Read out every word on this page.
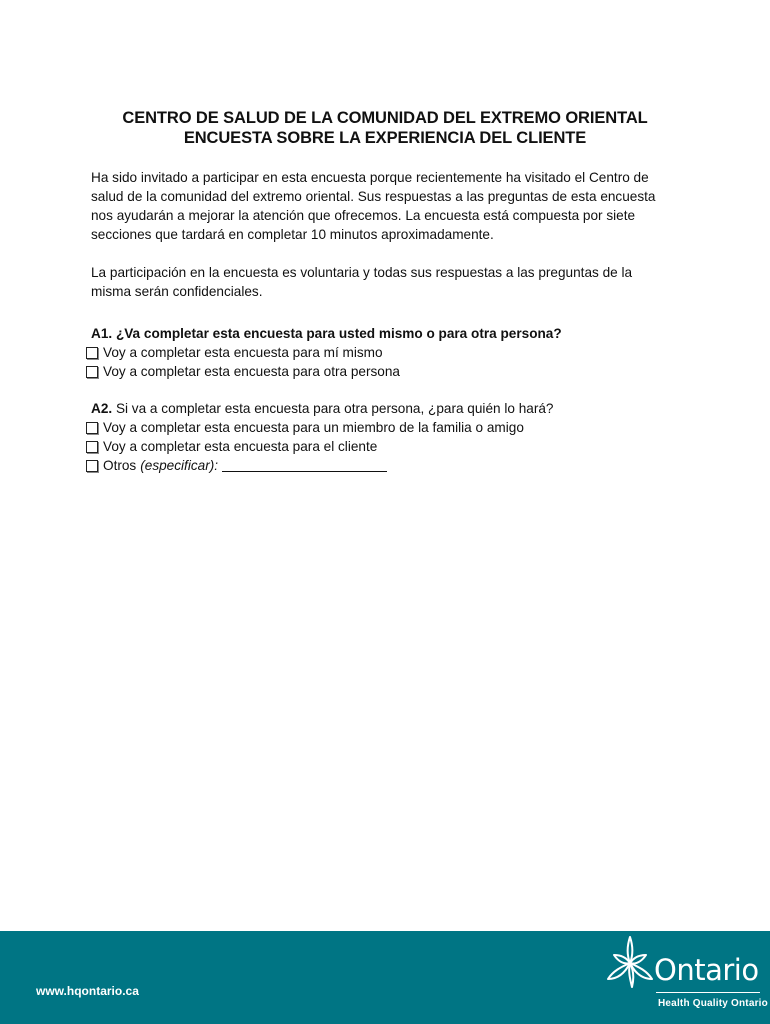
CENTRO DE SALUD DE LA COMUNIDAD DEL EXTREMO ORIENTAL
ENCUESTA SOBRE LA EXPERIENCIA DEL CLIENTE
Ha sido invitado a participar en esta encuesta porque recientemente ha visitado el Centro de
salud de la comunidad del extremo oriental. Sus respuestas a las preguntas de esta encuesta
nos ayudarán a mejorar la atención que ofrecemos. La encuesta está compuesta por siete
secciones que tardará en completar 10 minutos aproximadamente.
La participación en la encuesta es voluntaria y todas sus respuestas a las preguntas de la
misma serán confidenciales.
A1. ¿Va completar esta encuesta para usted mismo o para otra persona?
Voy a completar esta encuesta para mí mismo
Voy a completar esta encuesta para otra persona
A2. Si va a completar esta encuesta para otra persona, ¿para quién lo hará?
Voy a completar esta encuesta para un miembro de la familia o amigo
Voy a completar esta encuesta para el cliente
Otros (especificar):
www.hqontario.ca
Ontario
Health Quality Ontario
